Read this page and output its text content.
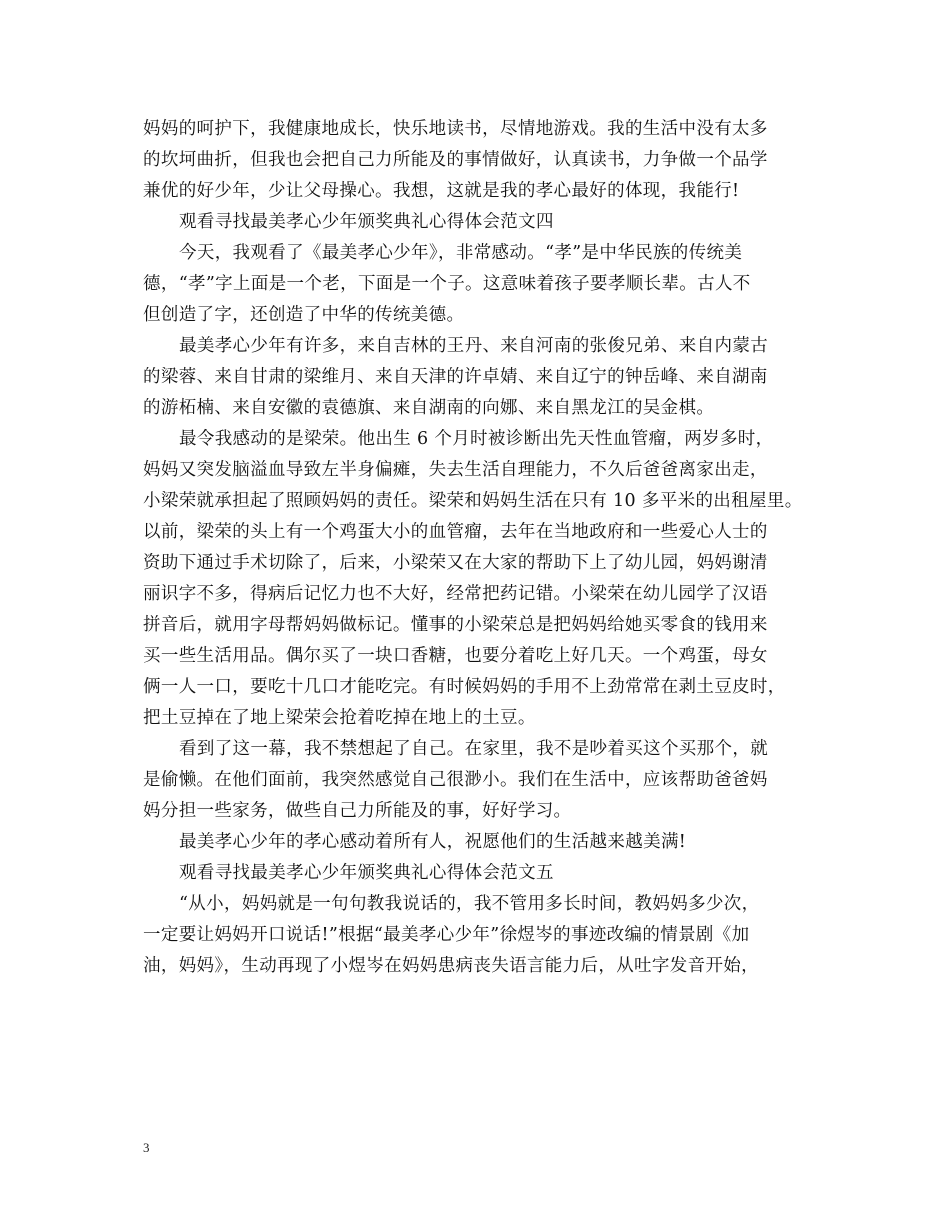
妈妈的呵护下，我健康地成长，快乐地读书，尽情地游戏。我的生活中没有太多
的坎坷曲折，但我也会把自己力所能及的事情做好，认真读书，力争做一个品学
兼优的好少年，少让父母操心。我想，这就是我的孝心最好的体现，我能行!
观看寻找最美孝心少年颁奖典礼心得体会范文四
今天，我观看了《最美孝心少年》，非常感动。“孝”是中华民族的传统美
德，“孝”字上面是一个老，下面是一个子。这意味着孩子要孝顺长辈。古人不
但创造了字，还创造了中华的传统美德。
最美孝心少年有许多，来自吉林的王丹、来自河南的张俊兄弟、来自内蒙古
的梁蓉、来自甘肃的梁维月、来自天津的许卓婧、来自辽宁的钟岳峰、来自湖南
的游柘楠、来自安徽的袁德旗、来自湖南的向娜、来自黑龙江的吴金棋。
最令我感动的是梁荣。他出生 6 个月时被诊断出先天性血管瘤，两岁多时，
妈妈又突发脑溢血导致左半身偏瘫，失去生活自理能力，不久后爸爸离家出走，
小梁荣就承担起了照顾妈妈的责任。梁荣和妈妈生活在只有 10 多平米的出租屋里。
以前，梁荣的头上有一个鸡蛋大小的血管瘤，去年在当地政府和一些爱心人士的
资助下通过手术切除了，后来，小梁荣又在大家的帮助下上了幼儿园，妈妈谢清
丽识字不多，得病后记忆力也不大好，经常把药记错。小梁荣在幼儿园学了汉语
拼音后，就用字母帮妈妈做标记。懂事的小梁荣总是把妈妈给她买零食的钱用来
买一些生活用品。偶尔买了一块口香糖，也要分着吃上好几天。一个鸡蛋，母女
俩一人一口，要吃十几口才能吃完。有时候妈妈的手用不上劲常常在剥土豆皮时，
把土豆掉在了地上梁荣会抢着吃掉在地上的土豆。
看到了这一幕，我不禁想起了自己。在家里，我不是吵着买这个买那个，就
是偷懒。在他们面前，我突然感觉自己很渺小。我们在生活中，应该帮助爸爸妈
妈分担一些家务，做些自己力所能及的事，好好学习。
最美孝心少年的孝心感动着所有人，祝愿他们的生活越来越美满!
观看寻找最美孝心少年颁奖典礼心得体会范文五
“从小，妈妈就是一句句教我说话的，我不管用多长时间，教妈妈多少次，
一定要让妈妈开口说话!”根据“最美孝心少年”徐煜岑的事迹改编的情景剧《加
油，妈妈》，生动再现了小煜岑在妈妈患病丧失语言能力后，从吐字发音开始，
3
